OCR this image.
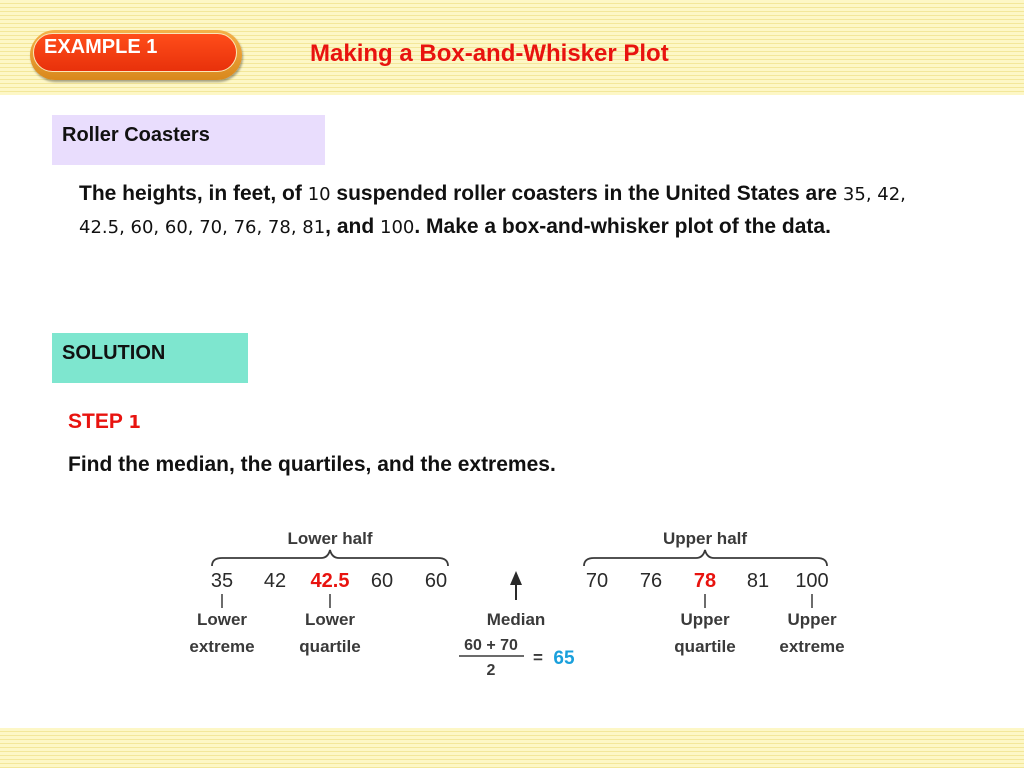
EXAMPLE 1	Making a Box-and-Whisker Plot
Roller Coasters
The heights, in feet, of 10 suspended roller coasters in the United States are 35, 42, 42.5, 60, 60, 70, 76, 78, 81, and 100. Make a box-and-whisker plot of the data.
SOLUTION
STEP 1
Find the median, the quartiles, and the extremes.
Lower half	Upper half
35 42 42.5 60 60	70 76 78 81 100
Lower
extreme
Lower
quartile
Median
60 + 70
2
= 65
Upper
quartile
Upper
extreme
